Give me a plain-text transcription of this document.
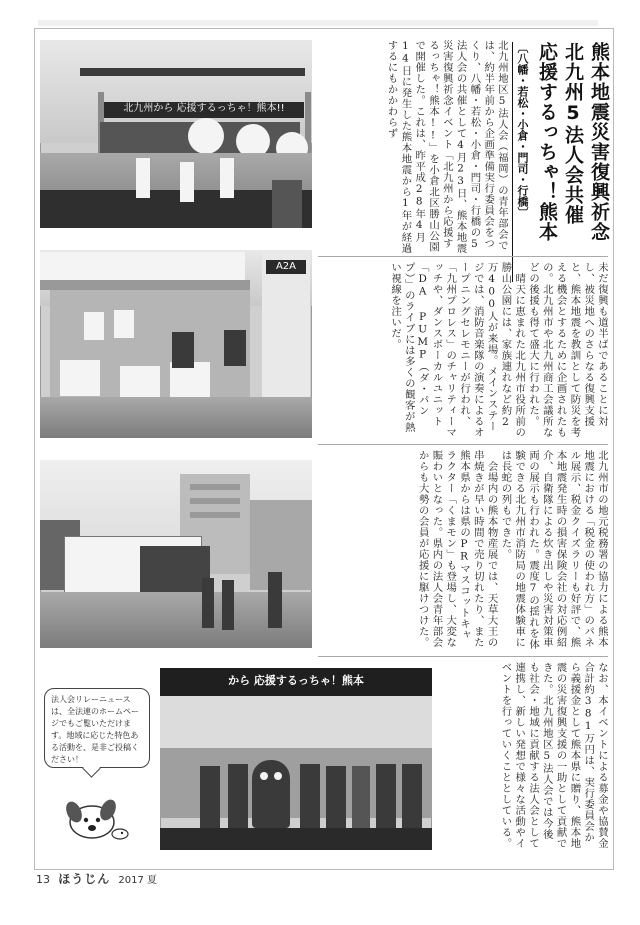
北九州から 応援するっちゃ！熊本!!
A2A
から 応援するっちゃ！熊本
熊本地震災害復興祈念
北九州5法人会共催
応援するっちゃ！熊本
〔八幡・若松・小倉・門司・行橋〕
北九州地区5法人会（福岡）の青年部会では、約半年前から企画準備実行委員会をつくり、八幡・若松・小倉・門司・行橋の5法人会の共催として4月23日、熊本地震災害復興祈念イベント「北九州から応援するっちゃ！熊本!!」を小倉北区勝山公園で開催した。これは、昨平成28年4月14日に発生した熊本地震から1年が経過するにもかかわらず
未だ復興も道半ばであることに対し、被災地へのさらなる復興支援と、熊本地震を教訓として防災を考える機会とするために企画されたもの。北九州市や北九州商工会議所などの後援も得て盛大に行われた。
　晴天に恵まれた北九州市役所前の勝山公園には、家族連れなど約2万400人が来場。メインステージでは、消防音楽隊の演奏によるオープニングセレモニーが行われ、「九州プロレス」のチャリティーマッチや、ダンスボーカルユニット「DA PUMP（ダ・パンプ）」のライブには多くの観客が熱い視線を注いだ。
北九州市の地元税務署の協力による熊本地震における「税金の使われ方」のパネル展示、税金クイズラリーも好評で、熊本地震発生時の損害保険会社の対応例紹介、自衛隊による炊き出しや災害対策車両の展示も行われた。震度7の揺れを体験できる北九州市消防局の地震体験車には長蛇の列もできた。
　会場内の熊本物産展では、天草大王の串焼きが早い時間で売り切れたり、また熊本県からは県のPRマスコットキャラクター「くまモン」も登場し、大変な賑わいとなった。県内の法人会青年部会からも大勢の会員が応援に駆けつけた。
なお、本イベントによる募金や協賛金合計約381万円は、実行委員会から義援金として熊本県に贈り、熊本地震の災害復興支援の一助として貢献できた。北九州地区5法人会では今後も社会・地域に貢献する法人会として連携し、新しい発想で様々な活動やイベントを行っていくこととしている。
法人会リレーニュースは、全法連のホームページでもご覧いただけます。地域に応じた特色ある活動を、是非ご投稿ください！
13 ほうじん 2017 夏
